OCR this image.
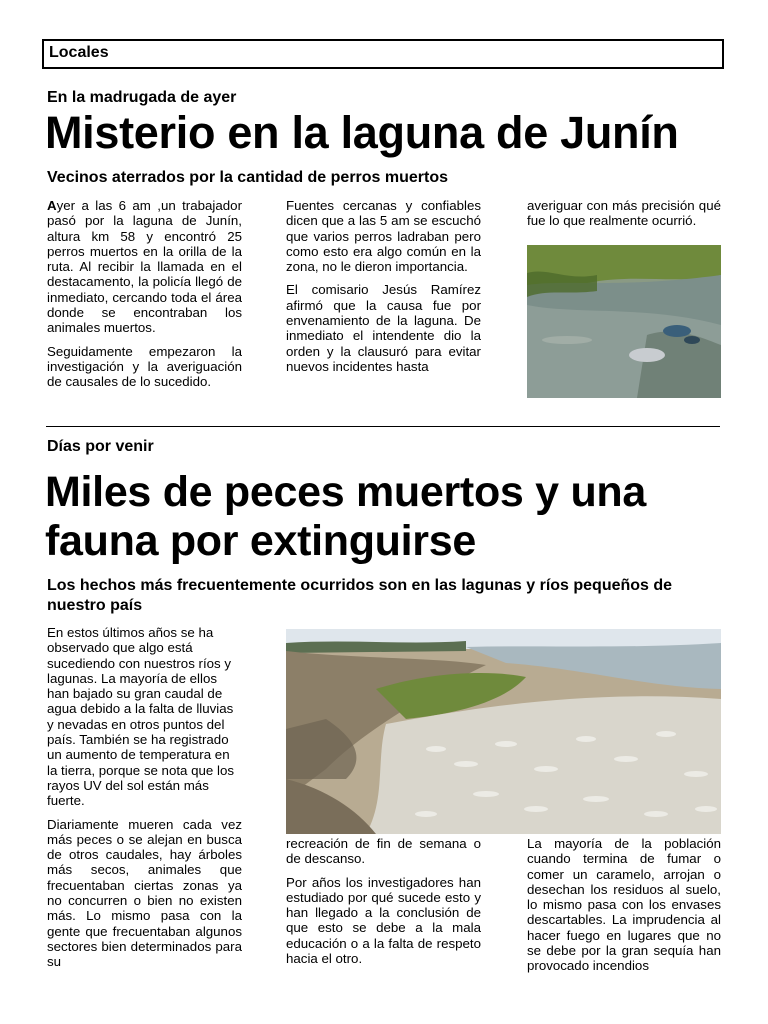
Locales
En la madrugada de ayer
Misterio en la laguna de Junín
Vecinos aterrados por la cantidad de perros muertos

Ayer a las 6 am ,un trabajador pasó por la laguna de Junín, altura km 58 y encontró 25 perros muertos en la orilla de la ruta. Al recibir la llamada en el destacamento, la policía llegó de inmediato, cercando toda el área donde se encontraban los animales muertos.

Seguidamente empezaron la investigación y la averiguación de causales de lo sucedido.

Fuentes cercanas y confiables dicen que a las 5 am se escuchó que varios perros ladraban pero como esto era algo común en la zona, no le dieron importancia.

El comisario Jesús Ramírez afirmó que la causa fue por envenamiento de la laguna. De inmediato el intendente dio la orden y la clausuró para evitar nuevos incidentes hasta

averiguar con más precisión qué fue lo que realmente ocurrió.

Días por venir
Miles de peces muertos y una
fauna por extinguirse
Los hechos más frecuentemente ocurridos son en las lagunas y ríos pequeños de nuestro país

En estos últimos años se ha observado que algo está sucediendo con nuestros ríos y lagunas. La mayoría de ellos han bajado su gran caudal de agua debido a la falta de lluvias y nevadas en otros puntos del país. También se ha registrado un aumento de temperatura en la tierra, porque se nota que los rayos UV del sol están más fuerte.

Diariamente mueren cada vez más peces o se alejan en busca de otros caudales, hay árboles más secos, animales que frecuentaban ciertas zonas ya no concurren o bien no existen más. Lo mismo pasa con la gente que frecuentaban algunos sectores bien determinados para su

recreación de fin de semana o de descanso.

Por años los investigadores han estudiado por qué sucede esto y han llegado a la conclusión de que esto se debe a la mala educación o a la falta de respeto hacia el otro.

La mayoría de la población cuando termina de fumar o comer un caramelo, arrojan o desechan los residuos al suelo, lo mismo pasa con los envases descartables. La imprudencia al hacer fuego en lugares que no se debe por la gran sequía han provocado incendios
